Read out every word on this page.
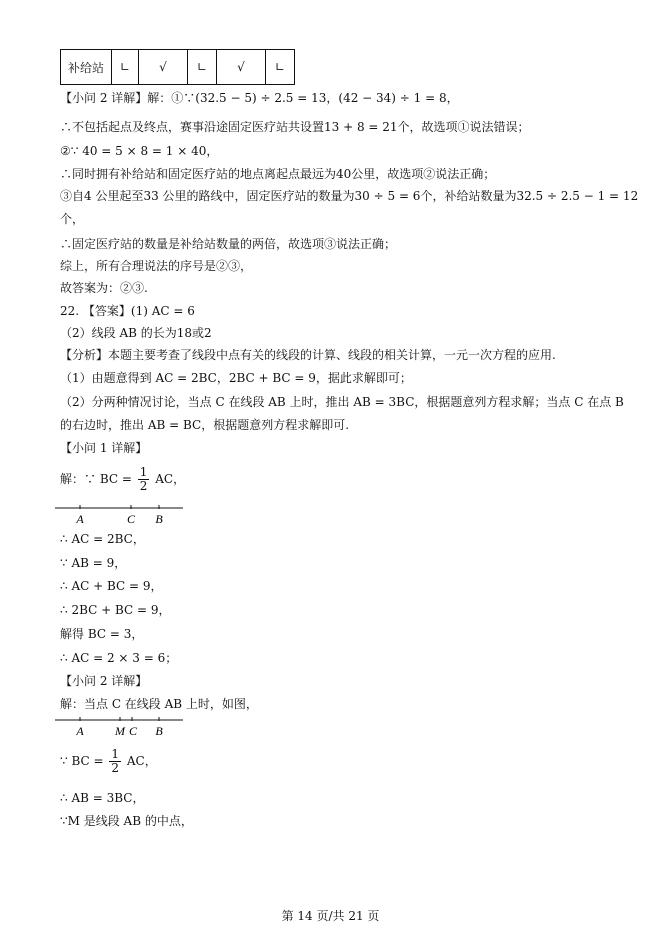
补给站	∟	√	∟	√	∟
【小问 2 详解】解：①∵(32.5 − 5) ÷ 2.5 = 13，(42 − 34) ÷ 1 = 8，
∴不包括起点及终点，赛事沿途固定医疗站共设置13 + 8 = 21个，故选项①说法错误；
②∵ 40 = 5 × 8 = 1 × 40，
∴同时拥有补给站和固定医疗站的地点离起点最远为40公里，故选项②说法正确；
③自4 公里起至33 公里的路线中，固定医疗站的数量为30 ÷ 5 = 6个，补给站数量为32.5 ÷ 2.5 − 1 = 12
个，
∴固定医疗站的数量是补给站数量的两倍，故选项③说法正确；
综上，所有合理说法的序号是②③，
故答案为：②③.
22. 【答案】(1) AC = 6
（2）线段 AB 的长为18或2
【分析】本题主要考查了线段中点有关的线段的计算、线段的相关计算，一元一次方程的应用.
（1）由题意得到 AC = 2BC，2BC + BC = 9，据此求解即可；
（2）分两种情况讨论，当点 C 在线段 AB 上时，推出 AB = 3BC，根据题意列方程求解；当点 C 在点 B
的右边时，推出 AB = BC，根据题意列方程求解即可.
【小问 1 详解】
解：∵ BC = $\frac{1}{2}$ AC，
A	C B
∴ AC = 2BC，
∵ AB = 9，
∴ AC + BC = 9，
∴ 2BC + BC = 9，
解得 BC = 3，
∴ AC = 2 × 3 = 6；
【小问 2 详解】
解：当点 C 在线段 AB 上时，如图，
A	M C B
∵ BC = $\frac{1}{2}$ AC，
∴ AB = 3BC，
∵M 是线段 AB 的中点，
第 14 页/共 21 页
